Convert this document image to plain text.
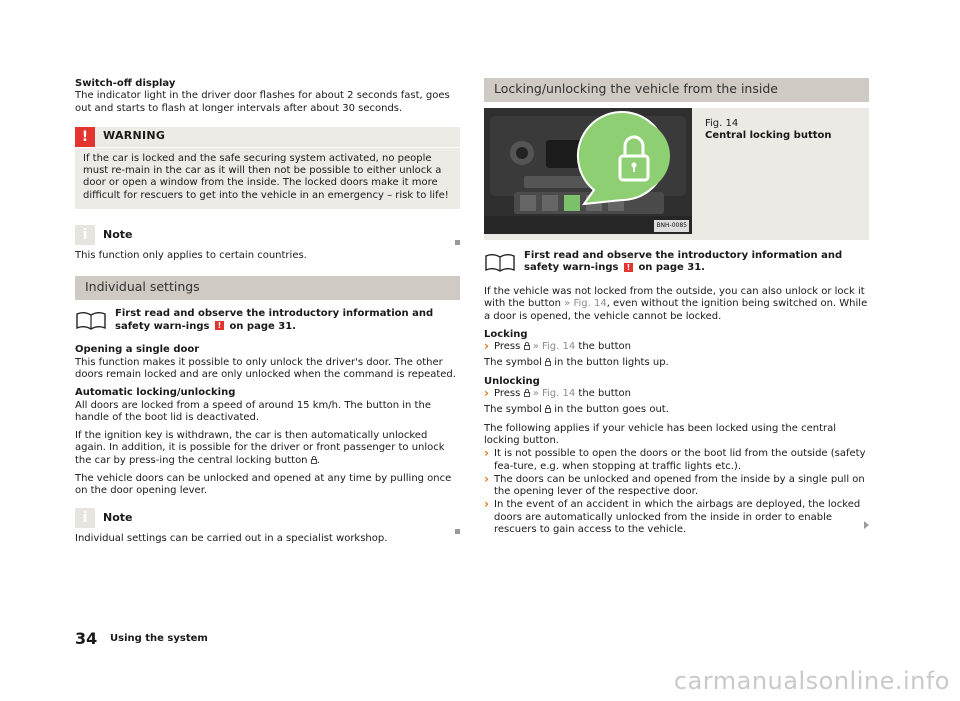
Switch-off display

The indicator light in the driver door flashes for about 2 seconds fast, goes out and starts to flash at longer intervals after about 30 seconds.

!	WARNING
If the car is locked and the safe securing system activated, no people must re-main in the car as it will then not be possible to either unlock a door or open a window from the inside. The locked doors make it more difficult for rescuers to get into the vehicle in an emergency – risk to life!
i	Note

This function only applies to certain countries.

Individual settings
First read and observe the introductory information and safety warn-ings ! on page 31.

Opening a single door

This function makes it possible to only unlock the driver's door. The other doors remain locked and are only unlocked when the command is repeated.

Automatic locking/unlocking

All doors are locked from a speed of around 15 km/h. The button in the handle of the boot lid is deactivated.

If the ignition key is withdrawn, the car is then automatically unlocked again. In addition, it is possible for the driver or front passenger to unlock the car by press-ing the central locking button .

The vehicle doors can be unlocked and opened at any time by pulling once on the door opening lever.

i	Note

Individual settings can be carried out in a specialist workshop.

Locking/unlocking the vehicle from the inside
BNH-0085
Fig. 14
Central locking button
First read and observe the introductory information and safety warn-ings ! on page 31.

If the vehicle was not locked from the outside, you can also unlock or lock it with the button » Fig. 14, even without the ignition being switched on. While a door is opened, the vehicle cannot be locked.

Locking

› Press » Fig. 14 the button

The symbol in the button lights up.

Unlocking

› Press » Fig. 14 the button

The symbol in the button goes out.

The following applies if your vehicle has been locked using the central locking button.

› It is not possible to open the doors or the boot lid from the outside (safety fea-ture, e.g. when stopping at traffic lights etc.).
› The doors can be unlocked and opened from the inside by a single pull on the opening lever of the respective door.
› In the event of an accident in which the airbags are deployed, the locked doors are automatically unlocked from the inside in order to enable rescuers to gain access to the vehicle.
34 Using the system
carmanualsonline.info
